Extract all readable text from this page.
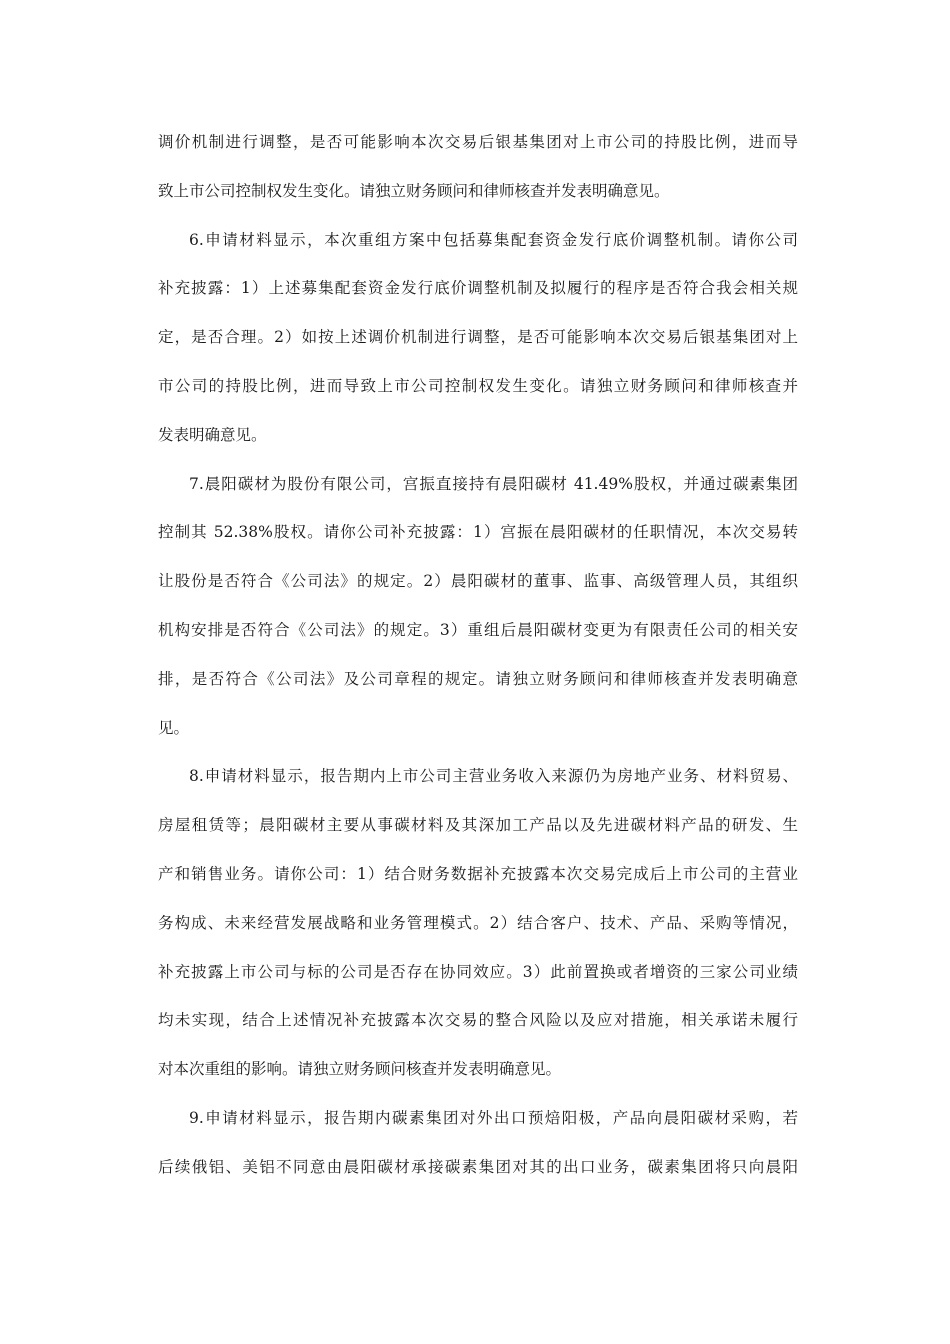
调价机制进行调整，是否可能影响本次交易后银基集团对上市公司的持股比例，进而导
致上市公司控制权发生变化。请独立财务顾问和律师核查并发表明确意见。
6.申请材料显示，本次重组方案中包括募集配套资金发行底价调整机制。请你公司
补充披露：1）上述募集配套资金发行底价调整机制及拟履行的程序是否符合我会相关规
定，是否合理。2）如按上述调价机制进行调整，是否可能影响本次交易后银基集团对上
市公司的持股比例，进而导致上市公司控制权发生变化。请独立财务顾问和律师核查并
发表明确意见。
7.晨阳碳材为股份有限公司，宫振直接持有晨阳碳材 41.49%股权，并通过碳素集团
控制其 52.38%股权。请你公司补充披露：1）宫振在晨阳碳材的任职情况，本次交易转
让股份是否符合《公司法》的规定。2）晨阳碳材的董事、监事、高级管理人员，其组织
机构安排是否符合《公司法》的规定。3）重组后晨阳碳材变更为有限责任公司的相关安
排，是否符合《公司法》及公司章程的规定。请独立财务顾问和律师核查并发表明确意
见。
8.申请材料显示，报告期内上市公司主营业务收入来源仍为房地产业务、材料贸易、
房屋租赁等；晨阳碳材主要从事碳材料及其深加工产品以及先进碳材料产品的研发、生
产和销售业务。请你公司：1）结合财务数据补充披露本次交易完成后上市公司的主营业
务构成、未来经营发展战略和业务管理模式。2）结合客户、技术、产品、采购等情况，
补充披露上市公司与标的公司是否存在协同效应。3）此前置换或者增资的三家公司业绩
均未实现，结合上述情况补充披露本次交易的整合风险以及应对措施，相关承诺未履行
对本次重组的影响。请独立财务顾问核查并发表明确意见。
9.申请材料显示，报告期内碳素集团对外出口预焙阳极，产品向晨阳碳材采购，若
后续俄铝、美铝不同意由晨阳碳材承接碳素集团对其的出口业务，碳素集团将只向晨阳
